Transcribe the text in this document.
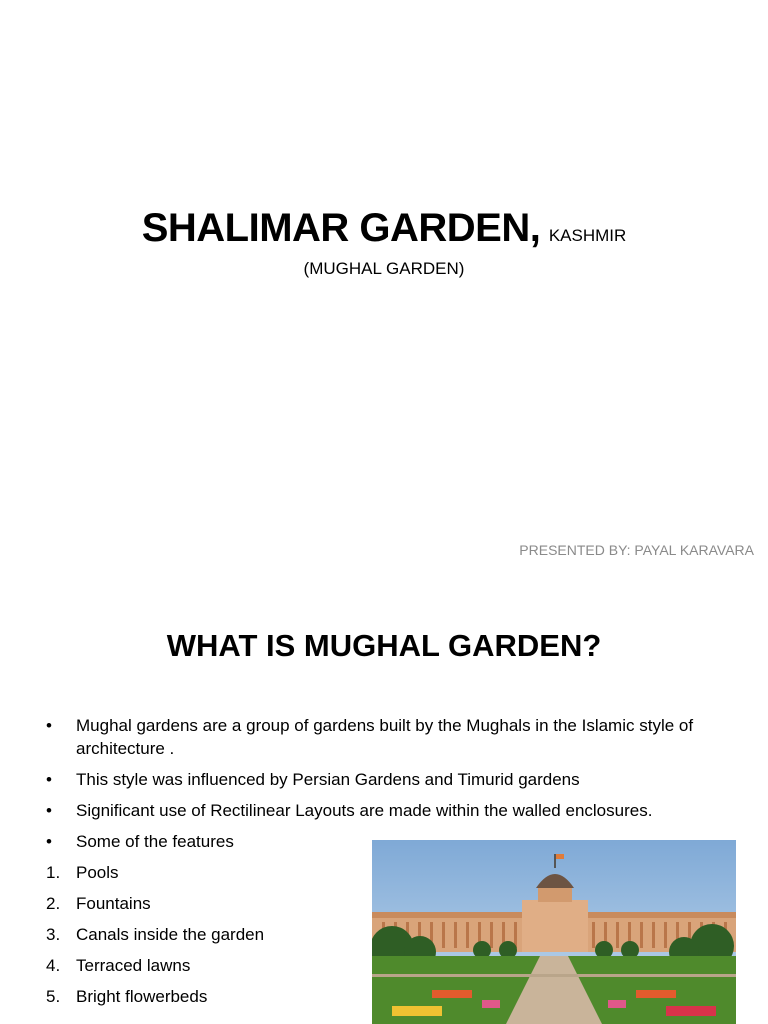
SHALIMAR GARDEN, KASHMIR
(MUGHAL GARDEN)
PRESENTED BY: PAYAL KARAVARA
WHAT IS MUGHAL GARDEN?
• Mughal gardens are a group of gardens built by the Mughals in the Islamic style of architecture .
• This style was influenced by Persian Gardens and Timurid gardens
• Significant use of Rectilinear Layouts are made within the walled enclosures.
• Some of the features
1. Pools
2. Fountains
3. Canals inside the garden
4. Terraced lawns
5. Bright flowerbeds
